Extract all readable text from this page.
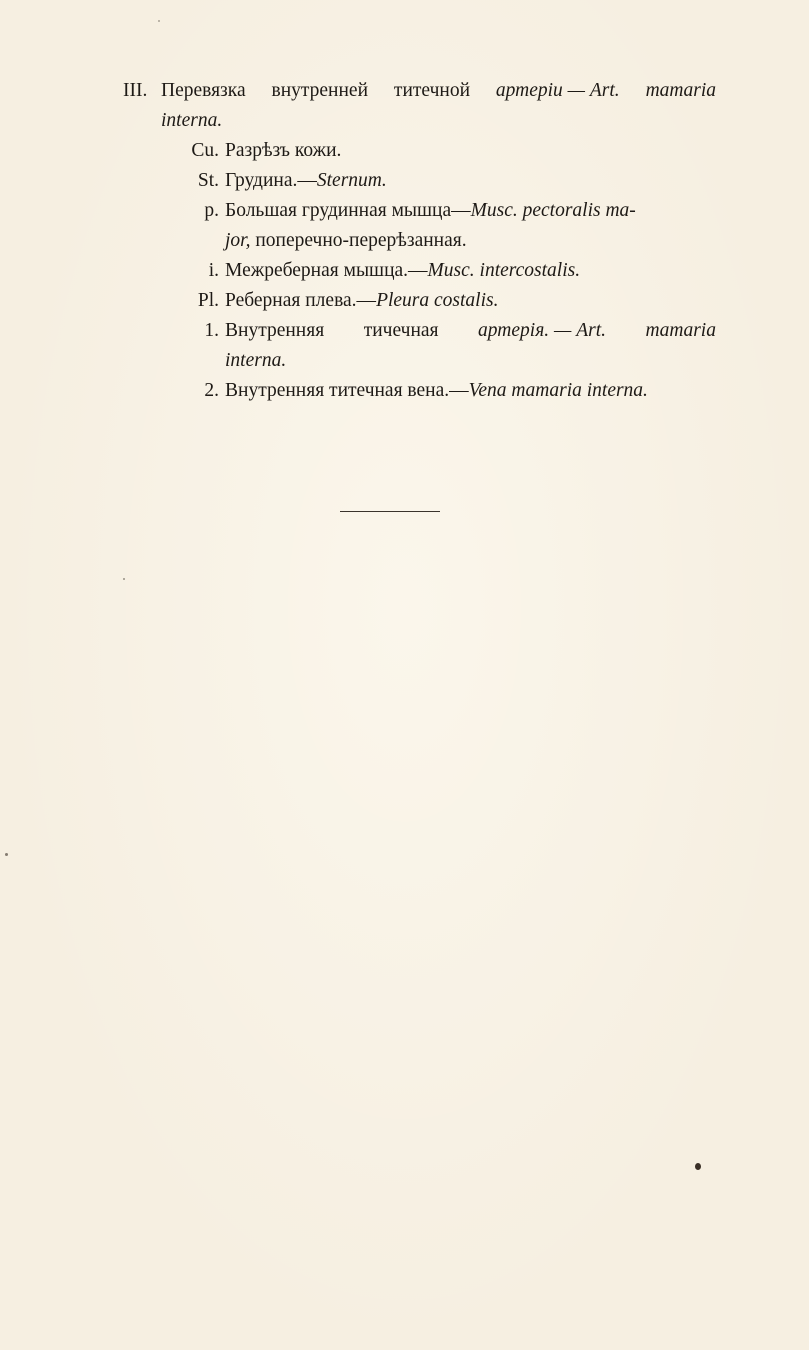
III. Перевязка внутренней титечной артерiи — Art. mamaria
interna.
Cu. Разрѣзъ кожи.
St. Грудина.— Sternum.
p. Большая грудинная мышца— Musc. pectoralis ma-
jor, поперечно-перерѣзанная.
i. Межреберная мышца.— Musc. intercostalis.
Pl. Реберная плева.— Pleura costalis.
1. Внутренняя тичечная артерiя. — Art. mamaria
interna.
2. Внутренняя титечная вена.— Vena mamaria interna.
